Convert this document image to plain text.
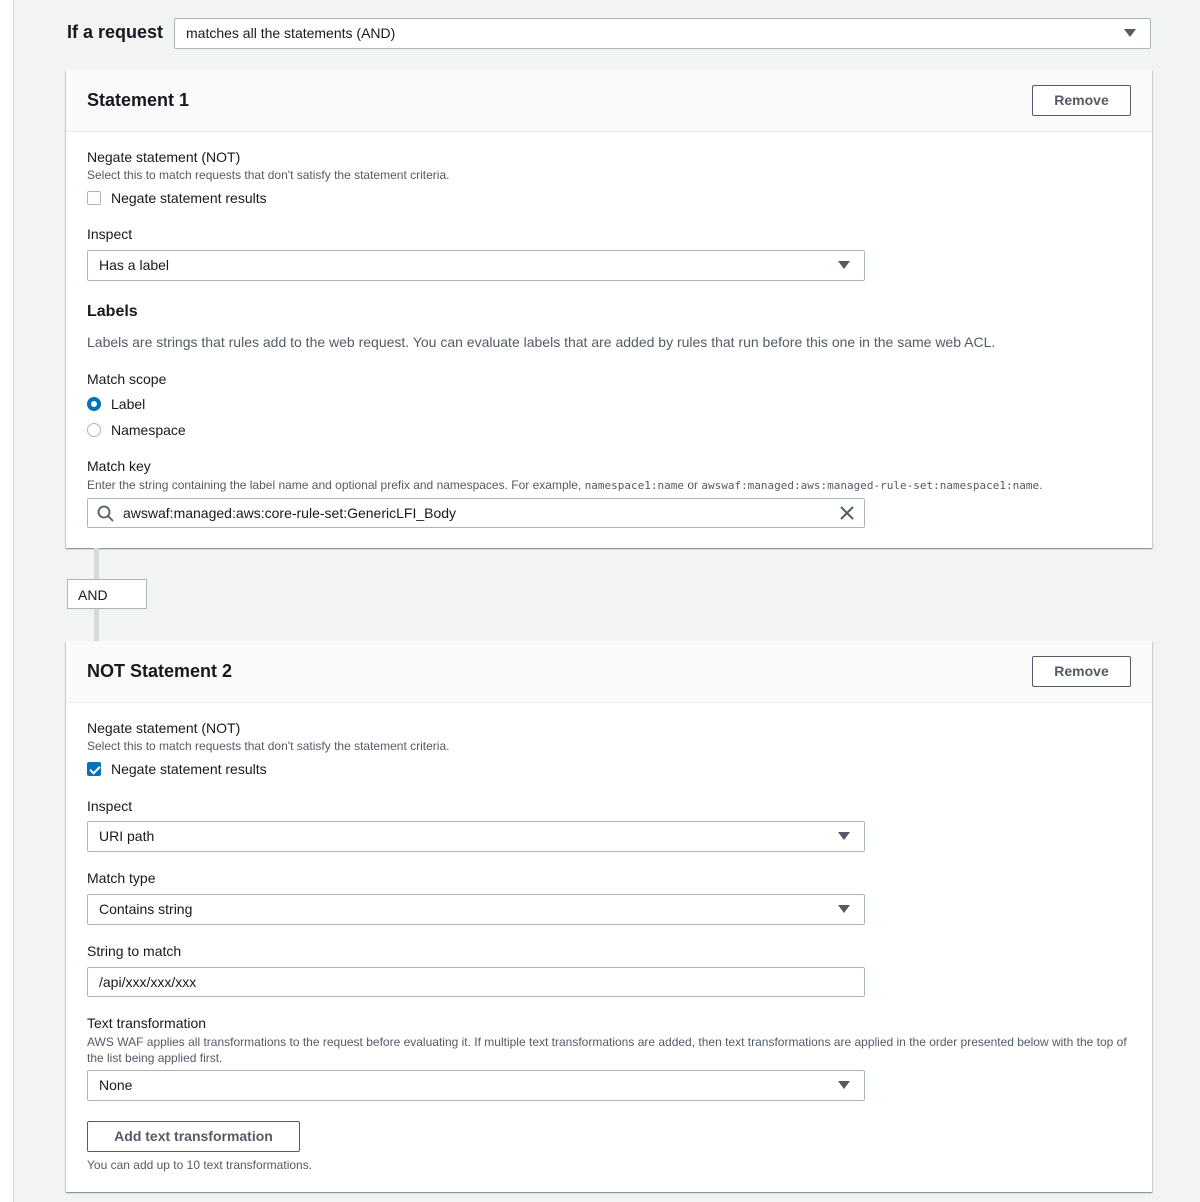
If a request matches all the statements (AND)
Statement 1	Remove
Negate statement (NOT)
Select this to match requests that don't satisfy the statement criteria.
Negate statement results
Inspect
Has a label
Labels
Labels are strings that rules add to the web request. You can evaluate labels that are added by rules that run before this one in the same web ACL.
Match scope
Label
Namespace
Match key
Enter the string containing the label name and optional prefix and namespaces. For example, namespace1:name or awswaf:managed:aws:managed-rule-set:namespace1:name.
awswaf:managed:aws:core-rule-set:GenericLFI_Body
AND
NOT Statement 2	Remove
Negate statement (NOT)
Select this to match requests that don't satisfy the statement criteria.
Negate statement results
Inspect
URI path
Match type
Contains string
String to match
/api/xxx/xxx/xxx
Text transformation
AWS WAF applies all transformations to the request before evaluating it. If multiple text transformations are added, then text transformations are applied in the order presented below with the top of the list being applied first.
None
Add text transformation
You can add up to 10 text transformations.
